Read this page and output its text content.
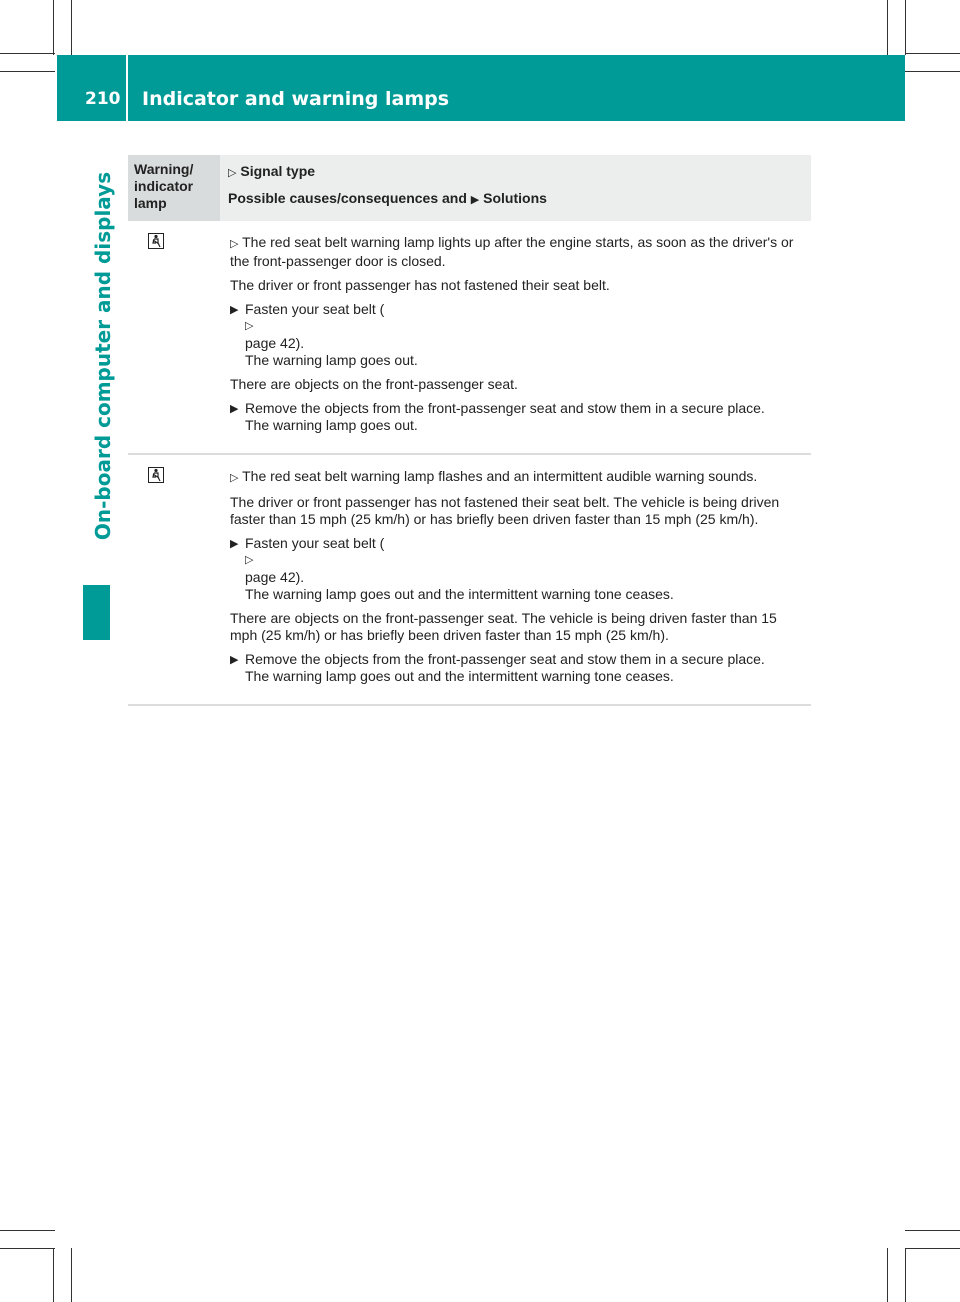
210 Indicator and warning lamps
On-board computer and displays
Warning/
indicator
lamp
▷ Signal type
Possible causes/consequences and ▶ Solutions

▷ The red seat belt warning lamp lights up after the engine starts, as soon as the driver's or the front-passenger door is closed.

The driver or front passenger has not fastened their seat belt.

▶ Fasten your seat belt (
▷
page 42).
The warning lamp goes out.

There are objects on the front-passenger seat.

▶ Remove the objects from the front-passenger seat and stow them in a secure place.
The warning lamp goes out.

▷ The red seat belt warning lamp flashes and an intermittent audible warning sounds.

The driver or front passenger has not fastened their seat belt. The vehicle is being driven faster than 15 mph (25 km/h) or has briefly been driven faster than 15 mph (25 km/h).

▶ Fasten your seat belt (
▷
page 42).
The warning lamp goes out and the intermittent warning tone ceases.

There are objects on the front-passenger seat. The vehicle is being driven faster than 15 mph (25 km/h) or has briefly been driven faster than 15 mph (25 km/h).

▶ Remove the objects from the front-passenger seat and stow them in a secure place.
The warning lamp goes out and the intermittent warning tone ceases.
